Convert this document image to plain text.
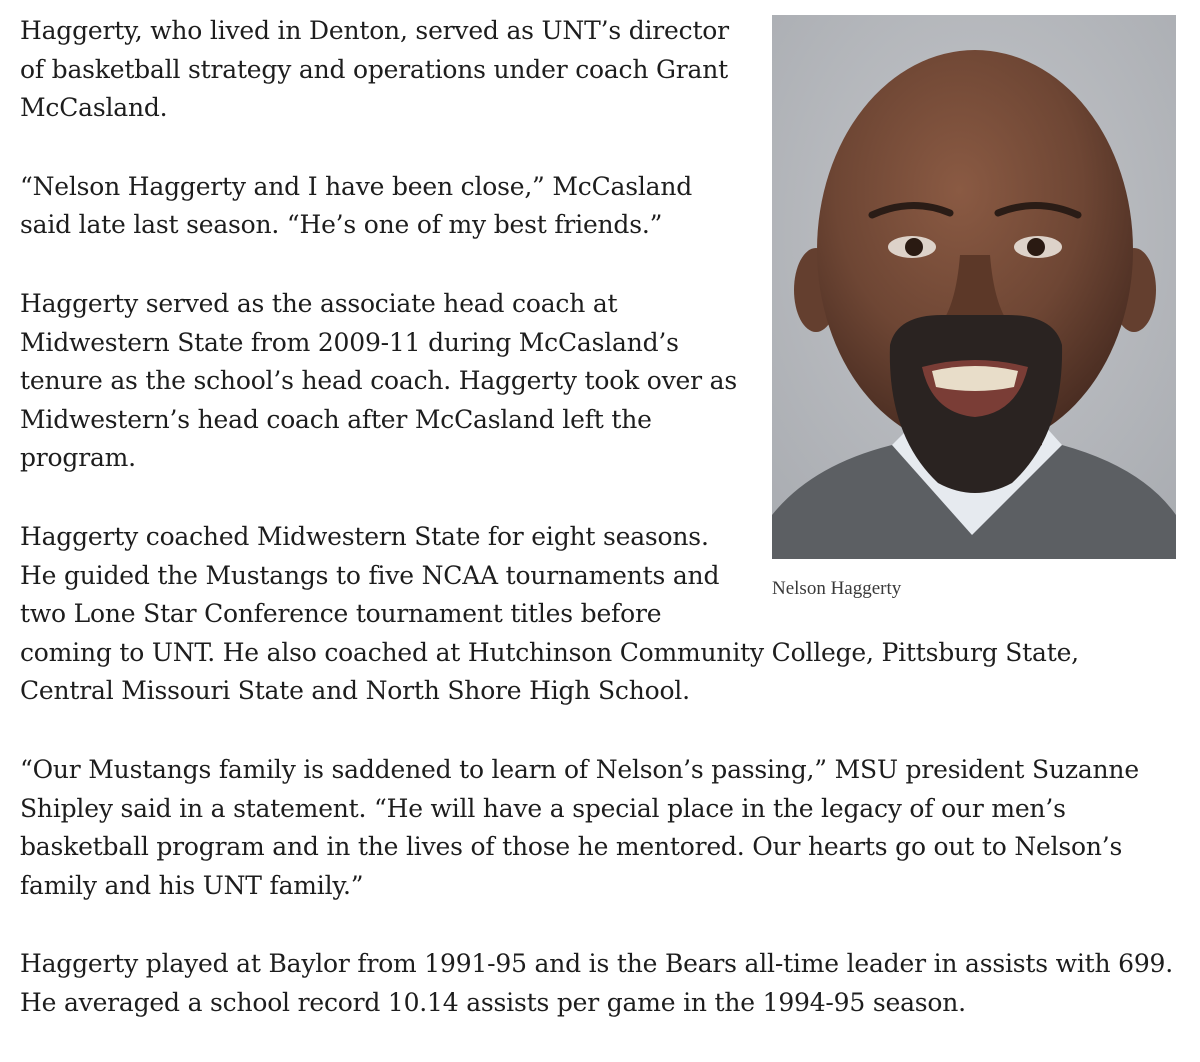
Nelson Haggerty

Haggerty, who lived in Denton, served as UNT’s director of basketball strategy and operations under coach Grant McCasland.

“Nelson Haggerty and I have been close,” McCasland said late last season. “He’s one of my best friends.”

Haggerty served as the associate head coach at Midwestern State from 2009-11 during McCasland’s tenure as the school’s head coach. Haggerty took over as Midwestern’s head coach after McCasland left the program.

Haggerty coached Midwestern State for eight seasons. He guided the Mustangs to five NCAA tournaments and two Lone Star Conference tournament titles before coming to UNT. He also coached at Hutchinson Community College, Pittsburg State, Central Missouri State and North Shore High School.

“Our Mustangs family is saddened to learn of Nelson’s passing,” MSU president Suzanne Shipley said in a statement. “He will have a special place in the legacy of our men’s basketball program and in the lives of those he mentored. Our hearts go out to Nelson’s family and his UNT family.”

Haggerty played at Baylor from 1991-95 and is the Bears all-time leader in assists with 699. He averaged a school record 10.14 assists per game in the 1994-95 season.
